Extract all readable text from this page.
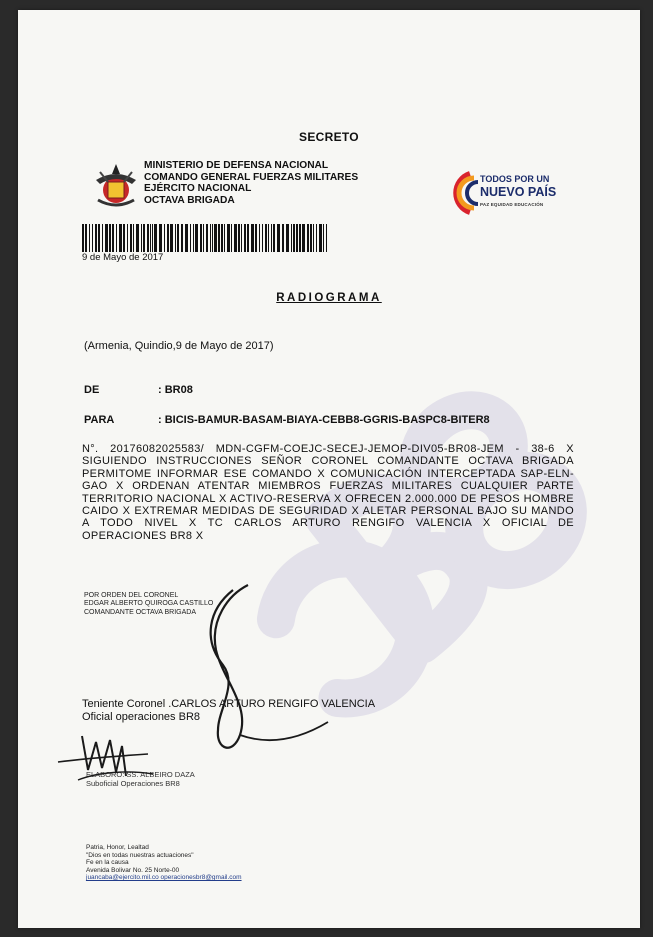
SECRETO
MINISTERIO DE DEFENSA NACIONAL
COMANDO GENERAL FUERZAS MILITARES
EJÉRCITO NACIONAL
OCTAVA BRIGADA
TODOS POR UN
NUEVO PAÍS
PAZ EQUIDAD EDUCACIÓN
9 de Mayo de 2017
RADIOGRAMA
(Armenia, Quindio,9 de Mayo de 2017)
DE	: BR08
PARA	: BICIS-BAMUR-BASAM-BIAYA-CEBB8-GGRIS-BASPC8-BITER8
N°. 20176082025583/ MDN-CGFM-COEJC-SECEJ-JEMOP-DIV05-BR08-JEM - 38-6 X SIGUIENDO INSTRUCCIONES SEÑOR CORONEL COMANDANTE OCTAVA BRIGADA PERMITOME INFORMAR ESE COMANDO X COMUNICACIÓN INTERCEPTADA SAP-ELN-GAO X ORDENAN ATENTAR MIEMBROS FUERZAS MILITARES CUALQUIER PARTE TERRITORIO NACIONAL X ACTIVO-RESERVA X OFRECEN 2.000.000 DE PESOS HOMBRE CAIDO X EXTREMAR MEDIDAS DE SEGURIDAD X ALETAR PERSONAL BAJO SU MANDO A TODO NIVEL X TC CARLOS ARTURO RENGIFO VALENCIA X OFICIAL DE OPERACIONES BR8 X
POR ORDEN DEL CORONEL
EDGAR ALBERTO QUIROGA CASTILLO
COMANDANTE OCTAVA BRIGADA
Teniente Coronel .CARLOS ARTURO RENGIFO VALENCIA
Oficial operaciones BR8
ELABORO: SS. ALBEIRO DAZA
Suboficial Operaciones BR8
Patria, Honor, Lealtad
"Dios en todas nuestras actuaciones"
Fe en la causa
Avenida Bolivar No. 25 Norte-00
juancaba@ejercito.mil.co operacionesbr8@gmail.com
